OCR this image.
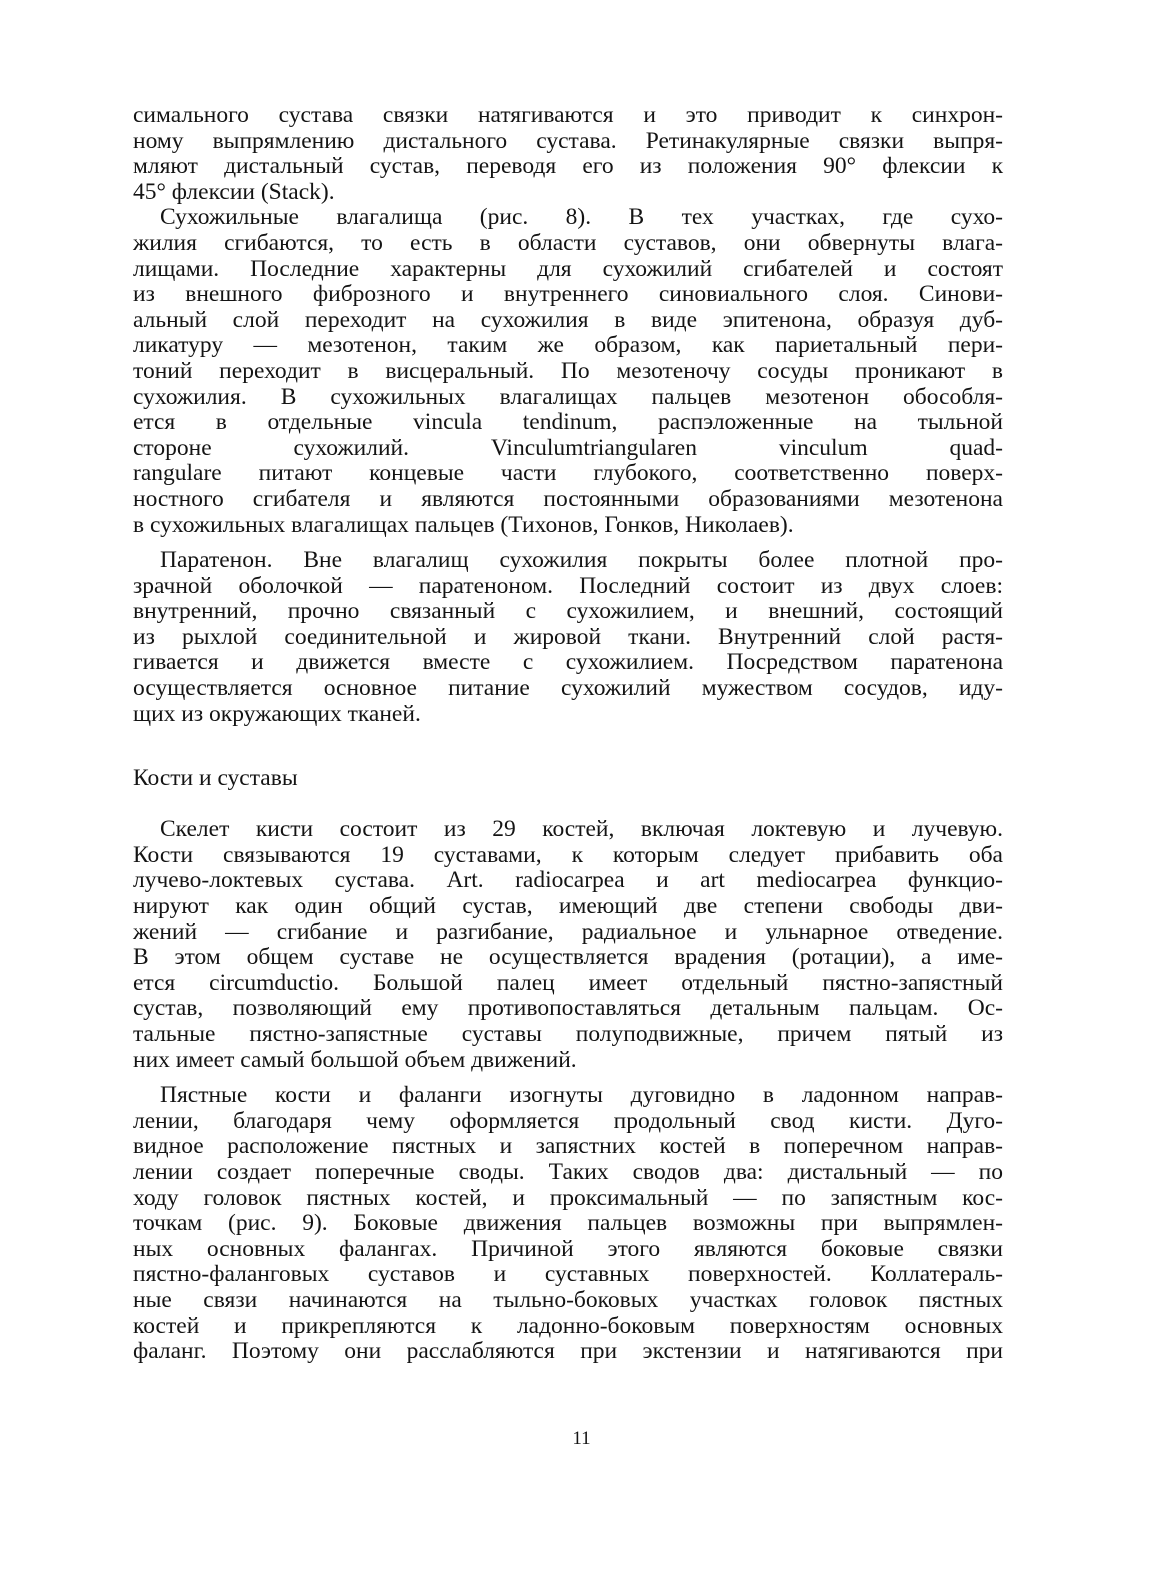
симального сустава связки натягиваются и это приводит к синхрон-
ному выпрямлению дистального сустава. Ретинакулярные связки выпря-
мляют дистальный сустав, переводя его из положения 90° флексии к
45° флексии (Stack).
Сухожильные влагалища (рис. 8). В тех участках, где сухо-
жилия сгибаются, то есть в области суставов, они обвернуты влага-
лищами. Последние характерны для сухожилий сгибателей и состоят
из внешного фиброзного и внутреннего синовиального слоя. Синови-
альный слой переходит на сухожилия в виде эпитенона, образуя дуб-
ликатуру — мезотенон, таким же образом, как париетальный пери-
тоний переходит в висцеральный. По мезотеночу сосуды проникают в
сухожилия. В сухожильных влагалищах пальцев мезотенон обособля-
ется в отдельные vincula tendinum, распэложенные на тыльной
стороне сухожилий. Vinculumtriangularen vinculum quad-
rangulare питают концевые части глубокого, соответственно поверх-
ностного сгибателя и являются постоянными образованиями мезотенона
в сухожильных влагалищах пальцев (Тихонов, Гонков, Николаев).
Паратенон. Вне влагалищ сухожилия покрыты более плотной про-
зрачной оболочкой — паратеноном. Последний состоит из двух слоев:
внутренний, прочно связанный с сухожилием, и внешний, состоящий
из рыхлой соединительной и жировой ткани. Внутренний слой растя-
гивается и движется вместе с сухожилием. Посредством паратенона
осуществляется основное питание сухожилий мужеством сосудов, иду-
щих из окружающих тканей.
Кости и суставы
Скелет кисти состоит из 29 костей, включая локтевую и лучевую.
Кости связываются 19 суставами, к которым следует прибавить оба
лучево-локтевых сустава. Art. radiocarpea и art mediocarpea функцио-
нируют как один общий сустав, имеющий две степени свободы дви-
жений — сгибание и разгибание, радиальное и ульнарное отведение.
В этом общем суставе не осуществляется врадения (ротации), а име-
ется circumductio. Большой палец имеет отдельный пястно-запястный
сустав, позволяющий ему противопоставляться детальным пальцам. Ос-
тальные пястно-запястные суставы полуподвижные, причем пятый из
них имеет самый большой объем движений.
Пястные кости и фаланги изогнуты дуговидно в ладонном направ-
лении, благодаря чему оформляется продольный свод кисти. Дуго-
видное расположение пястных и запястних костей в поперечном направ-
лении создает поперечные своды. Таких сводов два: дистальный — по
ходу головок пястных костей, и проксимальный — по запястным кос-
точкам (рис. 9). Боковые движения пальцев возможны при выпрямлен-
ных основных фалангах. Причиной этого являются боковые связки
пястно-фаланговых суставов и суставных поверхностей. Коллатераль-
ные связи начинаются на тыльно-боковых участках головок пястных
костей и прикрепляются к ладонно-боковым поверхностям основных
фаланг. Поэтому они расслабляются при экстензии и натягиваются при
11
